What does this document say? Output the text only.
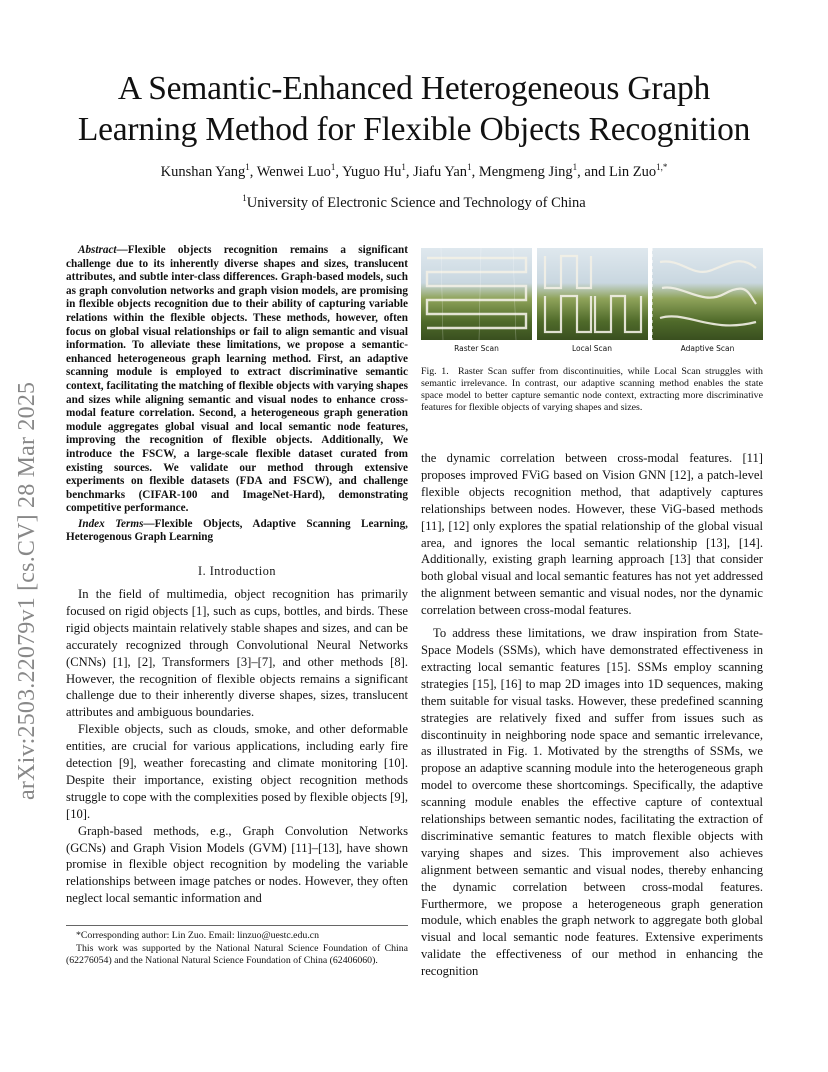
arXiv:2503.22079v1 [cs.CV] 28 Mar 2025
A Semantic-Enhanced Heterogeneous Graph
Learning Method for Flexible Objects Recognition
Kunshan Yang$^1$, Wenwei Luo$^1$, Yuguo Hu$^1$, Jiafu Yan$^1$, Mengmeng Jing$^1$, and Lin Zuo$^{1,*}$
$^1$University of Electronic Science and Technology of China

Abstract—Flexible objects recognition remains a significant challenge due to its inherently diverse shapes and sizes, translucent attributes, and subtle inter-class differences. Graph-based models, such as graph convolution networks and graph vision models, are promising in flexible objects recognition due to their ability of capturing variable relations within the flexible objects. These methods, however, often focus on global visual relationships or fail to align semantic and visual information. To alleviate these limitations, we propose a semantic-enhanced heterogeneous graph learning method. First, an adaptive scanning module is employed to extract discriminative semantic context, facilitating the matching of flexible objects with varying shapes and sizes while aligning semantic and visual nodes to enhance cross-modal feature correlation. Second, a heterogeneous graph generation module aggregates global visual and local semantic node features, improving the recognition of flexible objects. Additionally, We introduce the FSCW, a large-scale flexible dataset curated from existing sources. We validate our method through extensive experiments on flexible datasets (FDA and FSCW), and challenge benchmarks (CIFAR-100 and ImageNet-Hard), demonstrating competitive performance.

Index Terms—Flexible Objects, Adaptive Scanning Learning, Heterogenous Graph Learning

I. Introduction

In the field of multimedia, object recognition has primarily focused on rigid objects [1], such as cups, bottles, and birds. These rigid objects maintain relatively stable shapes and sizes, and can be accurately recognized through Convolutional Neural Networks (CNNs) [1], [2], Transformers [3]–[7], and other methods [8]. However, the recognition of flexible objects remains a significant challenge due to their inherently diverse shapes, sizes, translucent attributes and ambiguous boundaries.

Flexible objects, such as clouds, smoke, and other deformable entities, are crucial for various applications, including early fire detection [9], weather forecasting and climate monitoring [10]. Despite their importance, existing object recognition methods struggle to cope with the complexities posed by flexible objects [9], [10].

Graph-based methods, e.g., Graph Convolution Networks (GCNs) and Graph Vision Models (GVM) [11]–[13], have shown promise in flexible object recognition by modeling the variable relationships between image patches or nodes. However, they often neglect local semantic information and

*Corresponding author: Lin Zuo. Email: linzuo@uestc.edu.cn

This work was supported by the National Natural Science Foundation of China (62276054) and the National Natural Science Foundation of China (62406060).

Raster Scan	Local Scan	Adaptive Scan
Fig. 1. Raster Scan suffer from discontinuities, while Local Scan struggles with semantic irrelevance. In contrast, our adaptive scanning method enables the state space model to better capture semantic node context, extracting more discriminative features for flexible objects of varying shapes and sizes.

the dynamic correlation between cross-modal features. [11] proposes improved FViG based on Vision GNN [12], a patch-level flexible objects recognition method, that adaptively captures relationships between nodes. However, these ViG-based methods [11], [12] only explores the spatial relationship of the global visual area, and ignores the local semantic relationship [13], [14]. Additionally, existing graph learning approach [13] that consider both global visual and local semantic features has not yet addressed the alignment between semantic and visual nodes, nor the dynamic correlation between cross-modal features.

To address these limitations, we draw inspiration from State-Space Models (SSMs), which have demonstrated effectiveness in extracting local semantic features [15]. SSMs employ scanning strategies [15], [16] to map 2D images into 1D sequences, making them suitable for visual tasks. However, these predefined scanning strategies are relatively fixed and suffer from issues such as discontinuity in neighboring node space and semantic irrelevance, as illustrated in Fig. 1. Motivated by the strengths of SSMs, we propose an adaptive scanning module into the heterogeneous graph model to overcome these shortcomings. Specifically, the adaptive scanning module enables the effective capture of contextual relationships between semantic nodes, facilitating the extraction of discriminative semantic features to match flexible objects with varying shapes and sizes. This improvement also achieves alignment between semantic and visual nodes, thereby enhancing the dynamic correlation between cross-modal features. Furthermore, we propose a heterogeneous graph generation module, which enables the graph network to aggregate both global visual and local semantic node features. Extensive experiments validate the effectiveness of our method in enhancing the recognition
